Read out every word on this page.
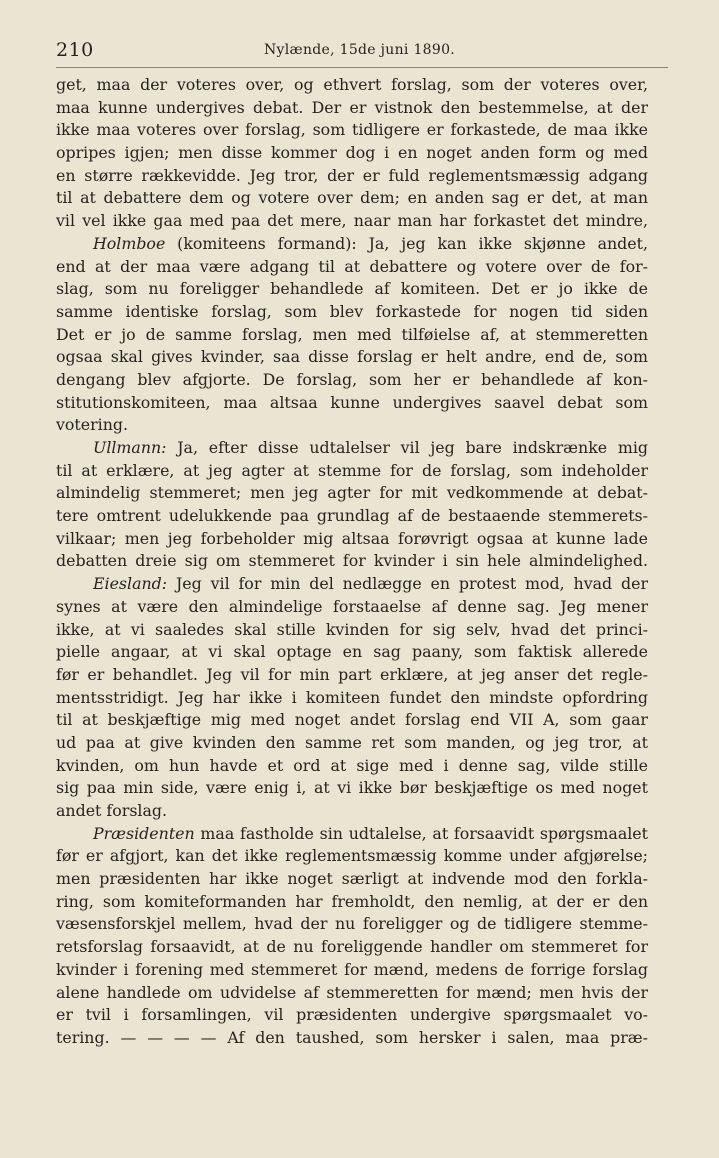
210	Nylænde, 15de juni 1890.
get, maa der voteres over, og ethvert forslag, som der voteres over,
maa kunne undergives debat. Der er vistnok den bestemmelse, at der
ikke maa voteres over forslag, som tidligere er forkastede, de maa ikke
opripes igjen; men disse kommer dog i en noget anden form og med
en større rækkevidde. Jeg tror, der er fuld reglementsmæssig adgang
til at debattere dem og votere over dem; en anden sag er det, at man
vil vel ikke gaa med paa det mere, naar man har forkastet det mindre,
Holmboe (komiteens formand): Ja, jeg kan ikke skjønne andet,
end at der maa være adgang til at debattere og votere over de for-
slag, som nu foreligger behandlede af komiteen. Det er jo ikke de
samme identiske forslag, som blev forkastede for nogen tid siden
Det er jo de samme forslag, men med tilføielse af, at stemmeretten
ogsaa skal gives kvinder, saa disse forslag er helt andre, end de, som
dengang blev afgjorte. De forslag, som her er behandlede af kon-
stitutionskomiteen, maa altsaa kunne undergives saavel debat som
votering.
Ullmann: Ja, efter disse udtalelser vil jeg bare indskrænke mig
til at erklære, at jeg agter at stemme for de forslag, som indeholder
almindelig stemmeret; men jeg agter for mit vedkommende at debat-
tere omtrent udelukkende paa grundlag af de bestaaende stemmerets-
vilkaar; men jeg forbeholder mig altsaa forøvrigt ogsaa at kunne lade
debatten dreie sig om stemmeret for kvinder i sin hele almindelighed.
Eiesland: Jeg vil for min del nedlægge en protest mod, hvad der
synes at være den almindelige forstaaelse af denne sag. Jeg mener
ikke, at vi saaledes skal stille kvinden for sig selv, hvad det princi-
pielle angaar, at vi skal optage en sag paany, som faktisk allerede
før er behandlet. Jeg vil for min part erklære, at jeg anser det regle-
mentsstridigt. Jeg har ikke i komiteen fundet den mindste opfordring
til at beskjæftige mig med noget andet forslag end VII A, som gaar
ud paa at give kvinden den samme ret som manden, og jeg tror, at
kvinden, om hun havde et ord at sige med i denne sag, vilde stille
sig paa min side, være enig i, at vi ikke bør beskjæftige os med noget
andet forslag.
Præsidenten maa fastholde sin udtalelse, at forsaavidt spørgsmaalet
før er afgjort, kan det ikke reglementsmæssig komme under afgjørelse;
men præsidenten har ikke noget særligt at indvende mod den forkla-
ring, som komiteformanden har fremholdt, den nemlig, at der er den
væsensforskjel mellem, hvad der nu foreligger og de tidligere stemme-
retsforslag forsaavidt, at de nu foreliggende handler om stemmeret for
kvinder i forening med stemmeret for mænd, medens de forrige forslag
alene handlede om udvidelse af stemmeretten for mænd; men hvis der
er tvil i forsamlingen, vil præsidenten undergive spørgsmaalet vo-
tering. — — — — Af den taushed, som hersker i salen, maa præ-
